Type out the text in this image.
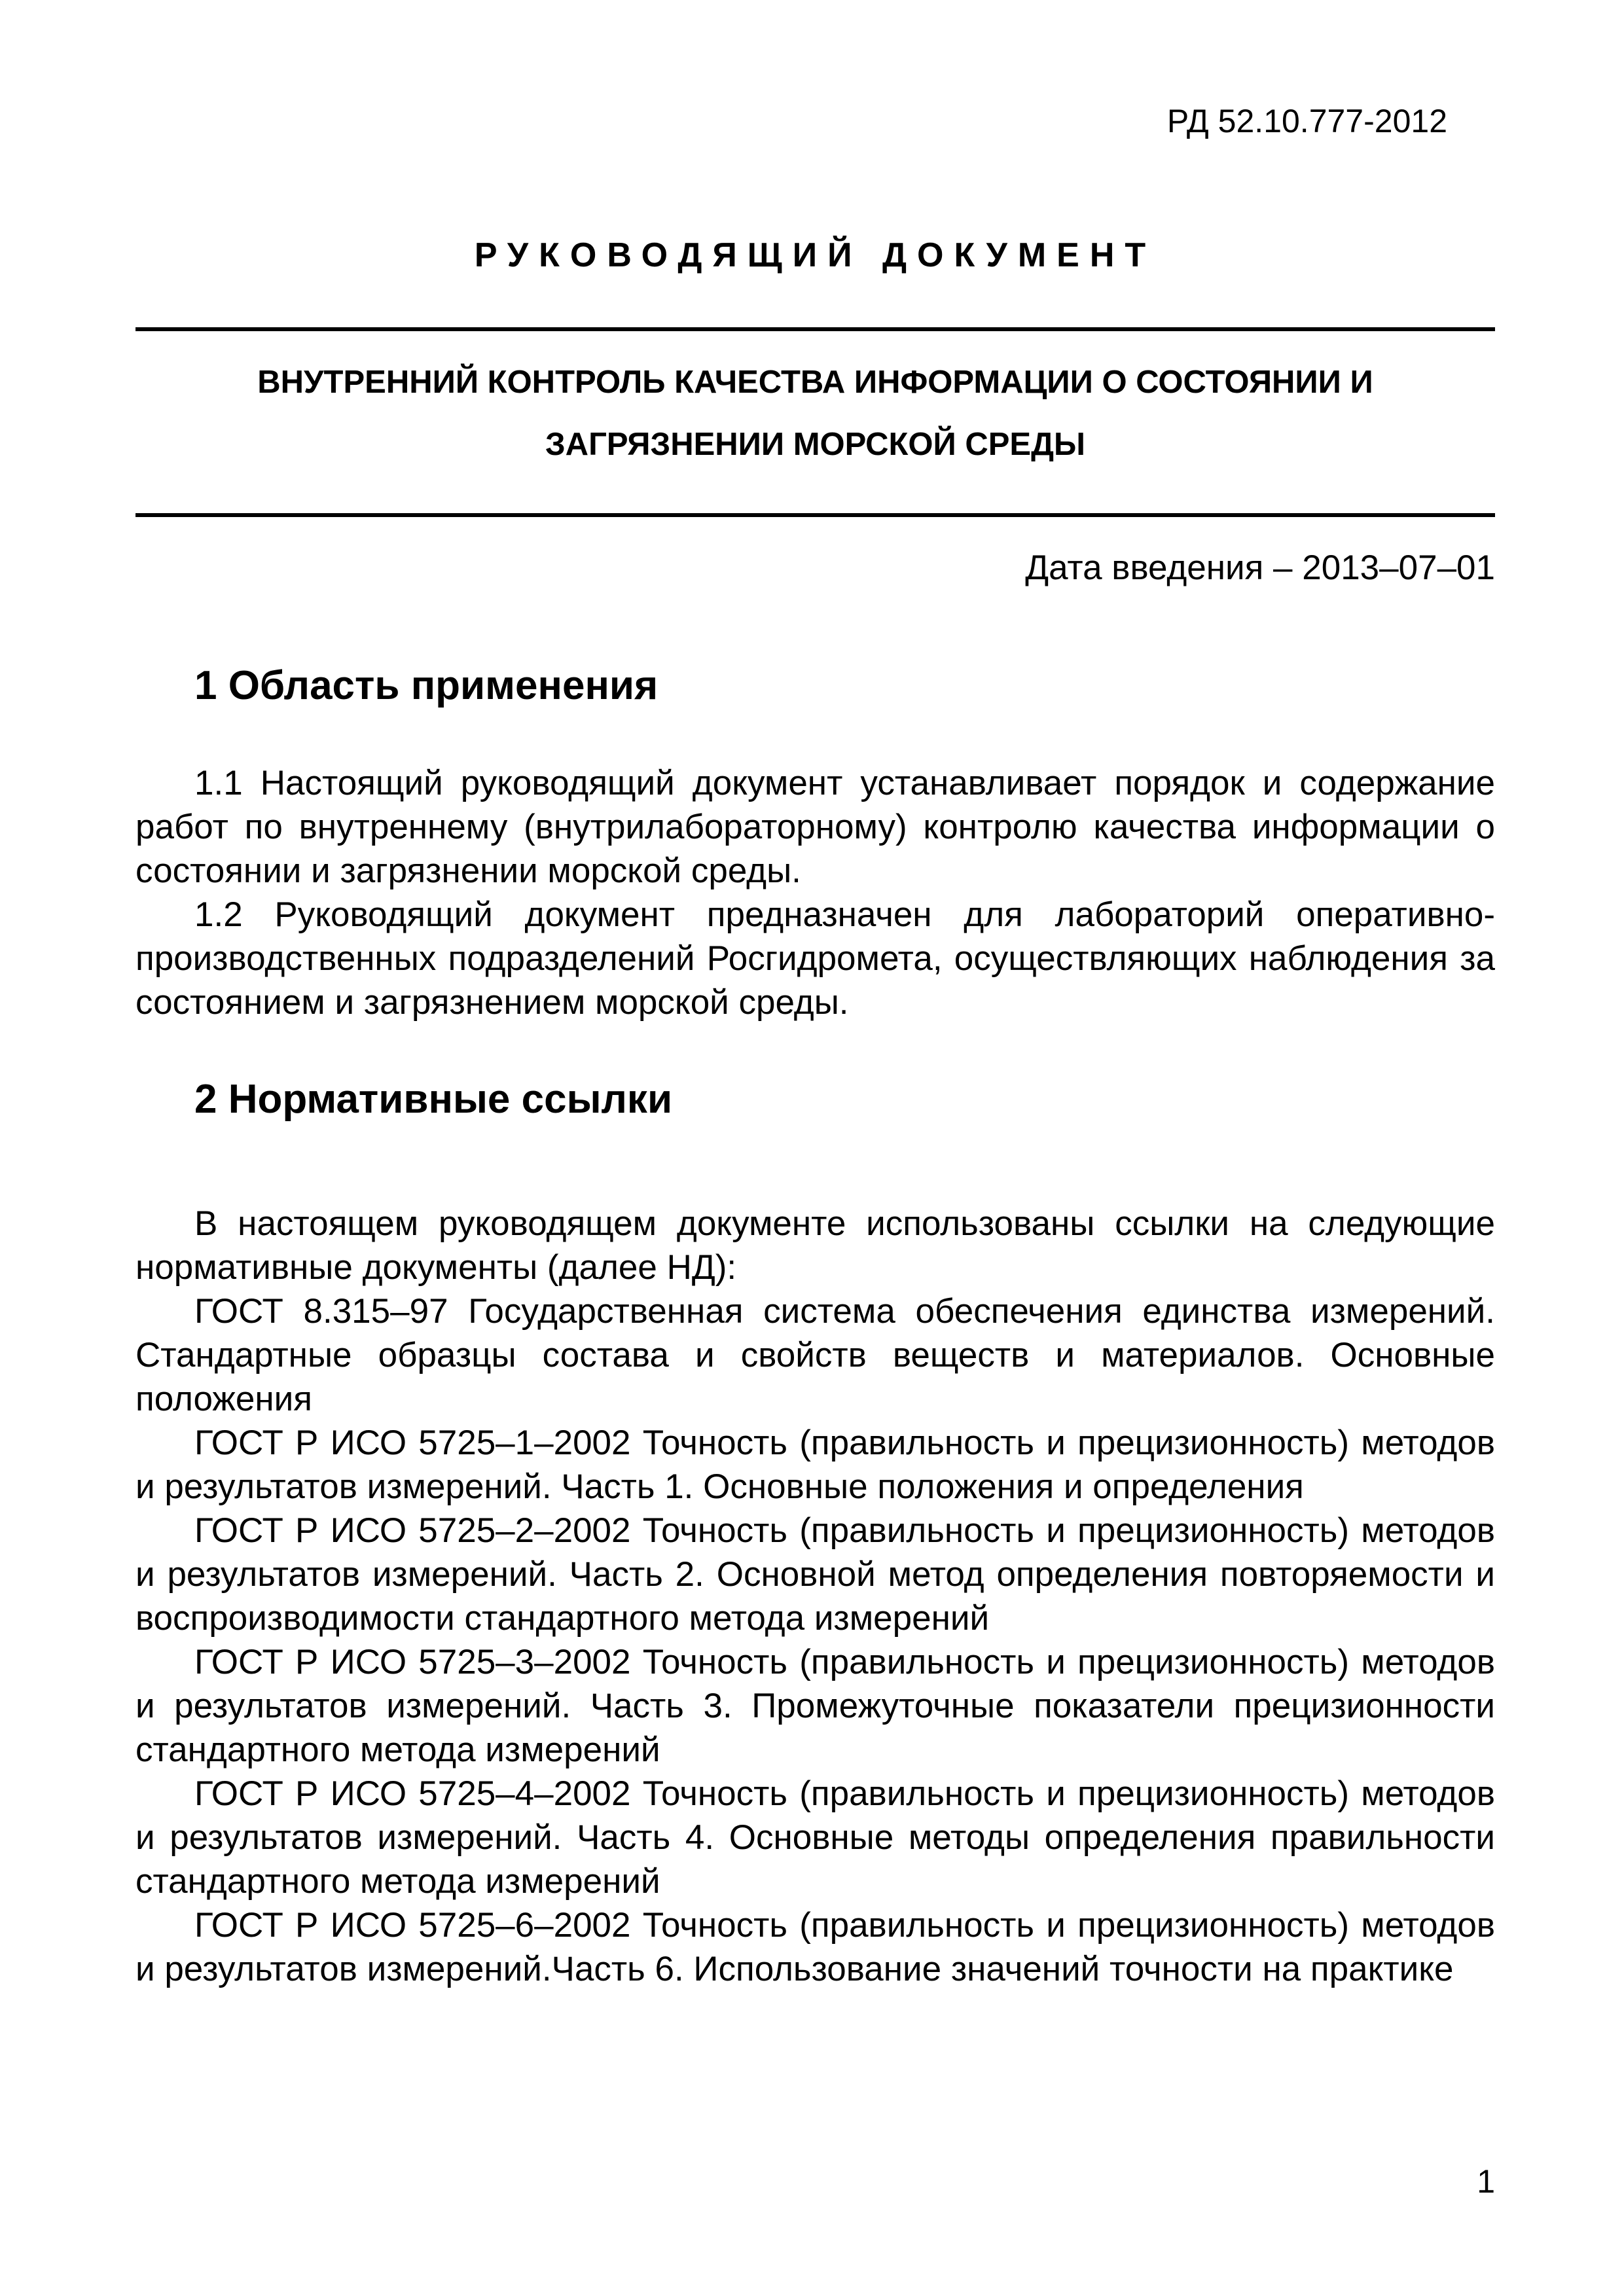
РД 52.10.777-2012
РУКОВОДЯЩИЙ ДОКУМЕНТ
ВНУТРЕННИЙ КОНТРОЛЬ КАЧЕСТВА ИНФОРМАЦИИ О СОСТОЯНИИ И
ЗАГРЯЗНЕНИИ МОРСКОЙ СРЕДЫ
Дата введения – 2013–07–01
1 Область применения

1.1 Настоящий руководящий документ устанавливает порядок и содержание работ по внутреннему (внутрилабораторному) контролю качества информации о состоянии и загрязнении морской среды.

1.2 Руководящий документ предназначен для лабораторий оперативно-производственных подразделений Росгидромета, осуществляющих наблюдения за состоянием и загрязнением морской среды.

2 Нормативные ссылки

В настоящем руководящем документе использованы ссылки на следующие нормативные документы (далее НД):

ГОСТ 8.315–97 Государственная система обеспечения единства измерений. Стандартные образцы состава и свойств веществ и материалов. Основные положения

ГОСТ Р ИСО 5725–1–2002 Точность (правильность и прецизионность) методов и результатов измерений. Часть 1. Основные положения и определения

ГОСТ Р ИСО 5725–2–2002 Точность (правильность и прецизионность) методов и результатов измерений. Часть 2. Основной метод определения повторяемости и воспроизводимости стандартного метода измерений

ГОСТ Р ИСО 5725–3–2002 Точность (правильность и прецизионность) методов и результатов измерений. Часть 3. Промежуточные показатели прецизионности стандартного метода измерений

ГОСТ Р ИСО 5725–4–2002 Точность (правильность и прецизионность) методов и результатов измерений. Часть 4. Основные методы определения правильности стандартного метода измерений

ГОСТ Р ИСО 5725–6–2002 Точность (правильность и прецизионность) методов и результатов измерений.Часть 6. Использование значений точности на практике

1
